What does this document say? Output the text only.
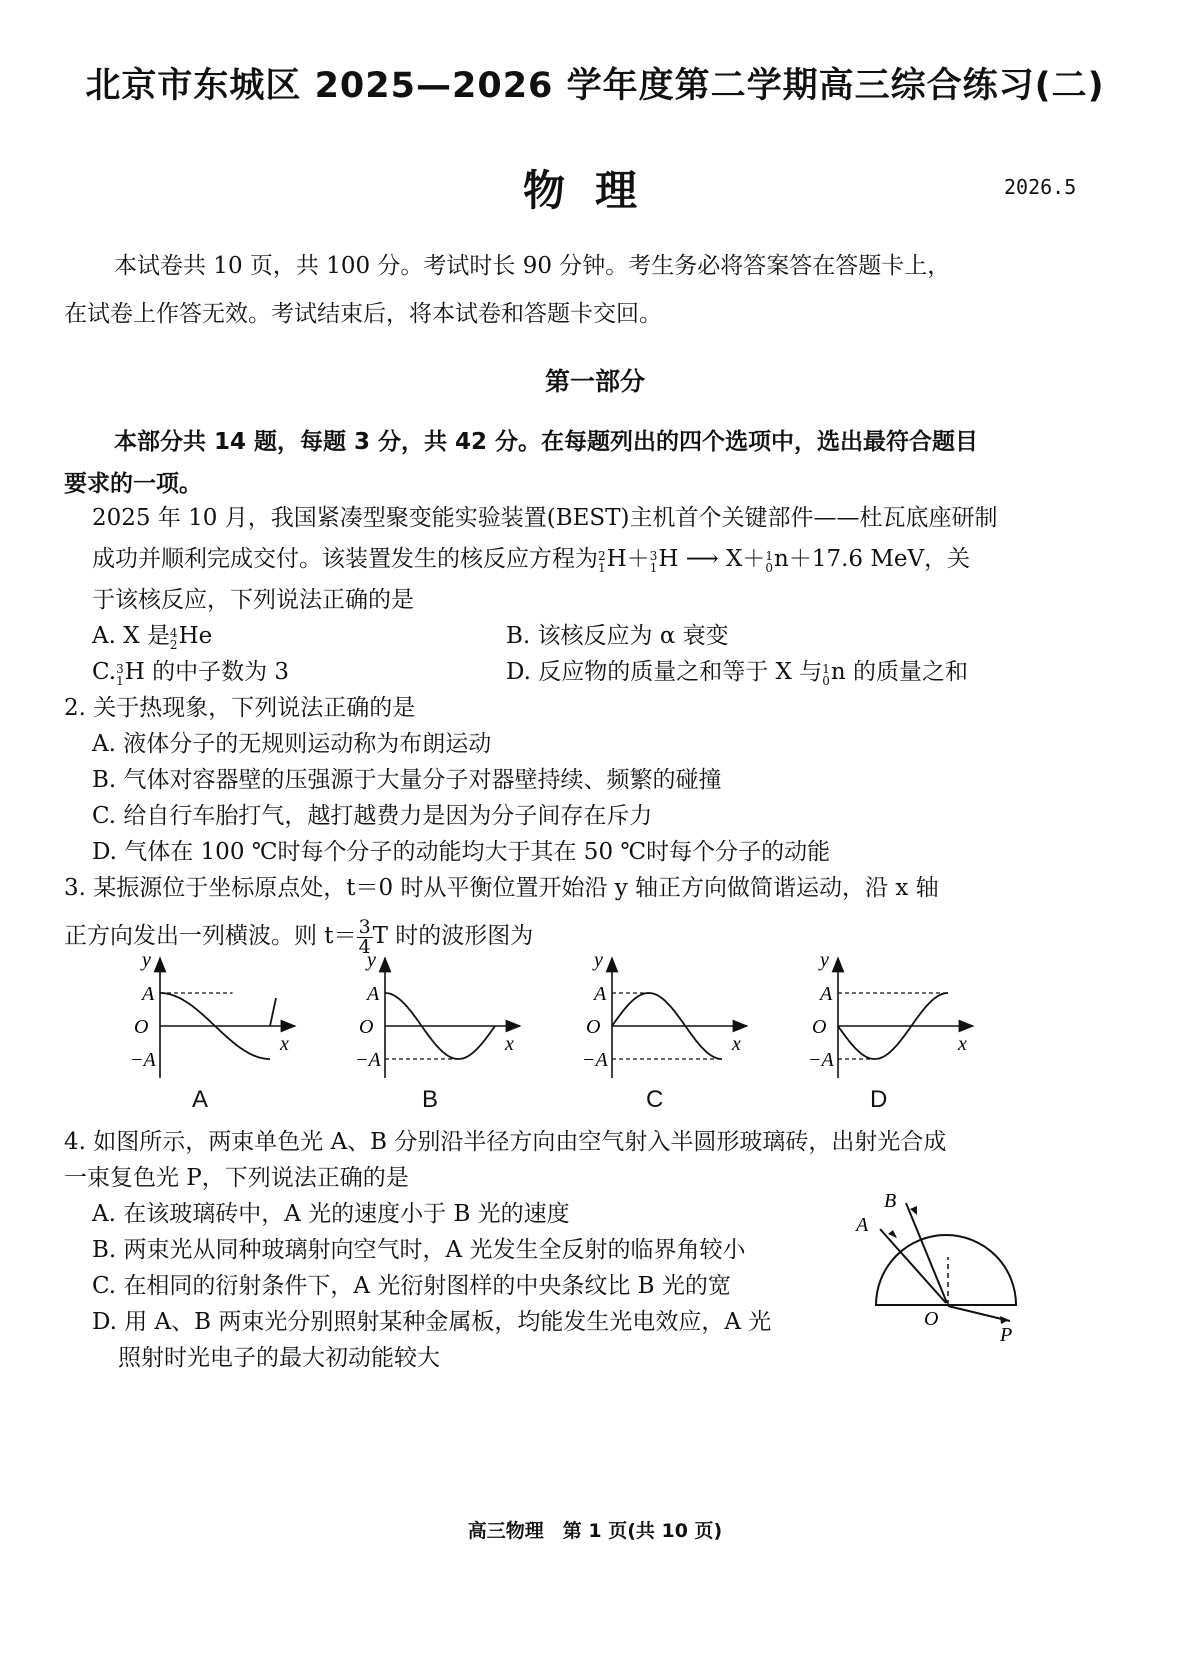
北京市东城区 2025—2026 学年度第二学期高三综合练习(二)
物理	2026.5
本试卷共 10 页，共 100 分。考试时长 90 分钟。考生务必将答案答在答题卡上，
在试卷上作答无效。考试结束后，将本试卷和答题卡交回。
第一部分
本部分共 14 题，每题 3 分，共 42 分。在每题列出的四个选项中，选出最符合题目
要求的一项。
2025 年 10 月，我国紧凑型聚变能实验装置(BEST)主机首个关键部件——杜瓦底座研制
成功并顺利完成交付。该装置发生的核反应方程为 2
1 H＋ 3
1 H ⟶ X＋ 1
0 n＋17.6 MeV，关
于该核反应，下列说法正确的是
A. X 是 4
2 He	B. 该核反应为 α 衰变
C. 3
1 H 的中子数为 3	D. 反应物的质量之和等于 X 与 1
0 n 的质量之和
2. 关于热现象，下列说法正确的是
A. 液体分子的无规则运动称为布朗运动
B. 气体对容器壁的压强源于大量分子对器壁持续、频繁的碰撞
C. 给自行车胎打气，越打越费力是因为分子间存在斥力
D. 气体在 100 ℃时每个分子的动能均大于其在 50 ℃时每个分子的动能
3. 某振源位于坐标原点处，t＝0 时从平衡位置开始沿 y 轴正方向做简谐运动，沿 x 轴
正方向发出一列横波。则 $t= \frac{3}{4}$ T 时的波形图为
y
O
A
−A
x
y
O
A
−A
x
y
O
A
−A
x
y
O
A
−A
x
A	B	C	D
4. 如图所示，两束单色光 A、B 分别沿半径方向由空气射入半圆形玻璃砖，出射光合成
一束复色光 P，下列说法正确的是
A. 在该玻璃砖中，A 光的速度小于 B 光的速度
B. 两束光从同种玻璃射向空气时，A 光发生全反射的临界角较小
C. 在相同的衍射条件下，A 光衍射图样的中央条纹比 B 光的宽
D. 用 A、B 两束光分别照射某种金属板，均能发生光电效应，A 光
照射时光电子的最大初动能较大
A
B
O
P
高三物理　第 1 页(共 10 页)
